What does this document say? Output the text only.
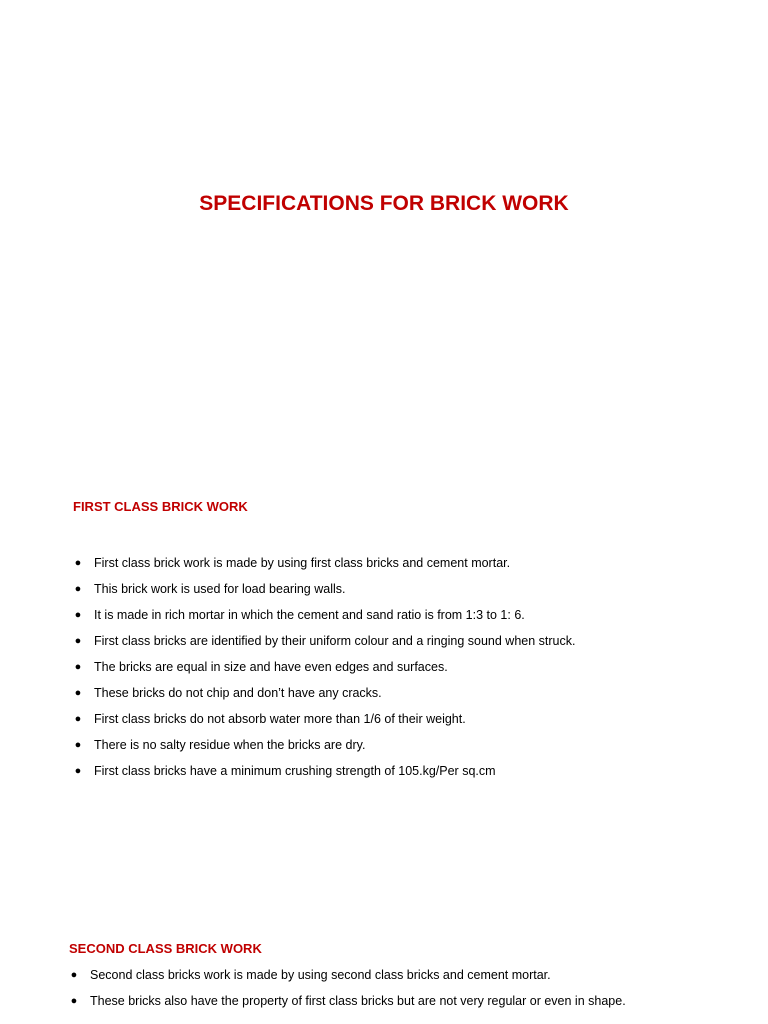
SPECIFICATIONS FOR BRICK WORK
FIRST CLASS BRICK WORK
● First class brick work is made by using first class bricks and cement mortar.
● This brick work is used for load bearing walls.
● It is made in rich mortar in which the cement and sand ratio is from 1:3 to 1: 6.
● First class bricks are identified by their uniform colour and a ringing sound when struck.
● The bricks are equal in size and have even edges and surfaces.
● These bricks do not chip and don’t have any cracks.
● First class bricks do not absorb water more than 1/6 of their weight.
● There is no salty residue when the bricks are dry.
● First class bricks have a minimum crushing strength of 105.kg/Per sq.cm
SECOND CLASS BRICK WORK
● Second class bricks work is made by using second class bricks and cement mortar.
● These bricks also have the property of first class bricks but are not very regular or even in shape.
